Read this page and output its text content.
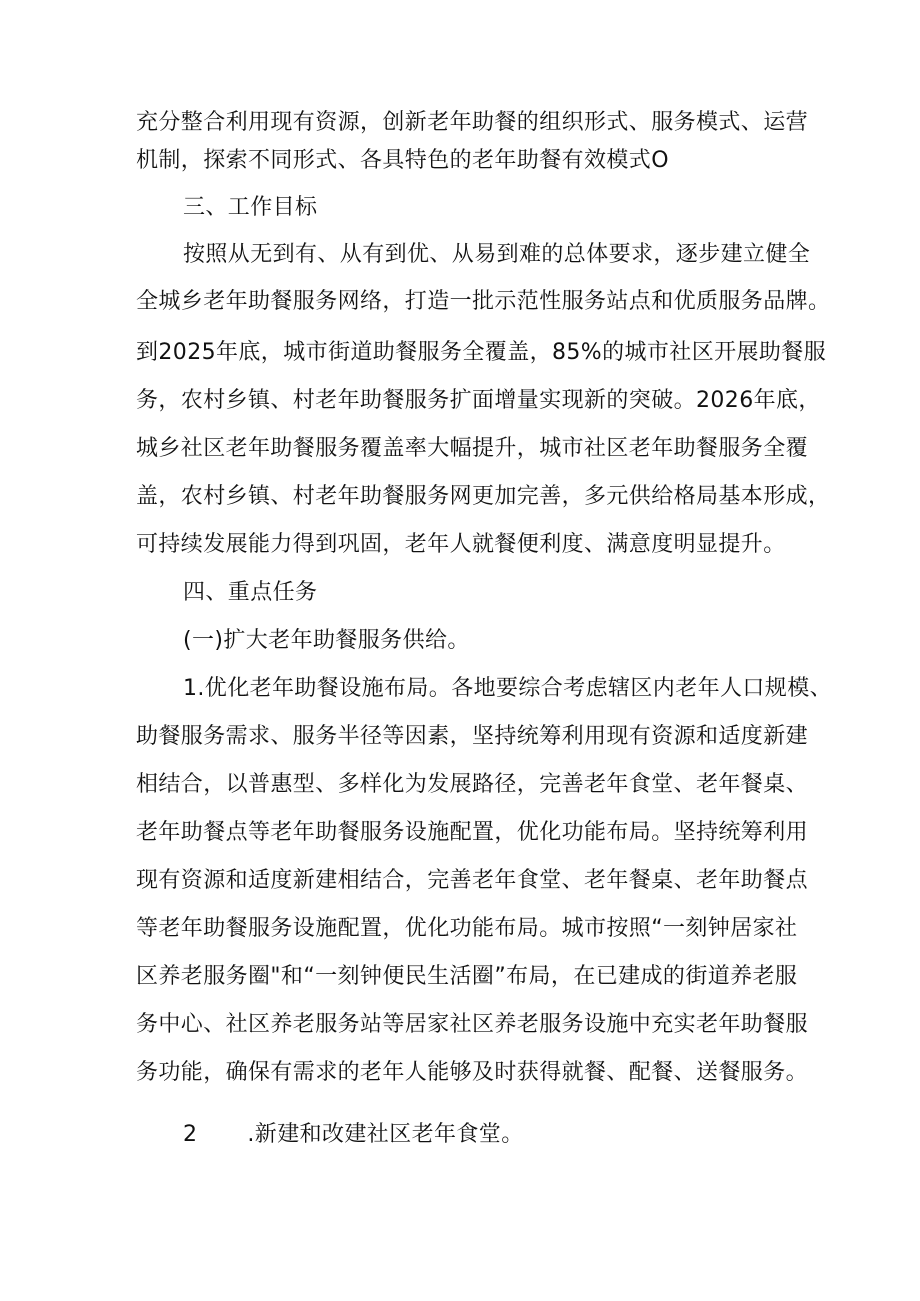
充分整合利用现有资源，创新老年助餐的组织形式、服务模式、运营
机制，探索不同形式、各具特色的老年助餐有效模式O
三、工作目标
按照从无到有、从有到优、从易到难的总体要求，逐步建立健全
全城乡老年助餐服务网络，打造一批示范性服务站点和优质服务品牌。
到2025年底，城市街道助餐服务全覆盖，85%的城市社区开展助餐服
务，农村乡镇、村老年助餐服务扩面增量实现新的突破。2026年底，
城乡社区老年助餐服务覆盖率大幅提升，城市社区老年助餐服务全覆
盖，农村乡镇、村老年助餐服务网更加完善，多元供给格局基本形成，
可持续发展能力得到巩固，老年人就餐便利度、满意度明显提升。
四、重点任务
(一)扩大老年助餐服务供给。
1.优化老年助餐设施布局。各地要综合考虑辖区内老年人口规模、
助餐服务需求、服务半径等因素，坚持统筹利用现有资源和适度新建
相结合，以普惠型、多样化为发展路径，完善老年食堂、老年餐桌、
老年助餐点等老年助餐服务设施配置，优化功能布局。坚持统筹利用
现有资源和适度新建相结合，完善老年食堂、老年餐桌、老年助餐点
等老年助餐服务设施配置，优化功能布局。城市按照“一刻钟居家社
区养老服务圈"和“一刻钟便民生活圈”布局，在已建成的街道养老服
务中心、社区养老服务站等居家社区养老服务设施中充实老年助餐服
务功能，确保有需求的老年人能够及时获得就餐、配餐、送餐服务。
2 .新建和改建社区老年食堂。
